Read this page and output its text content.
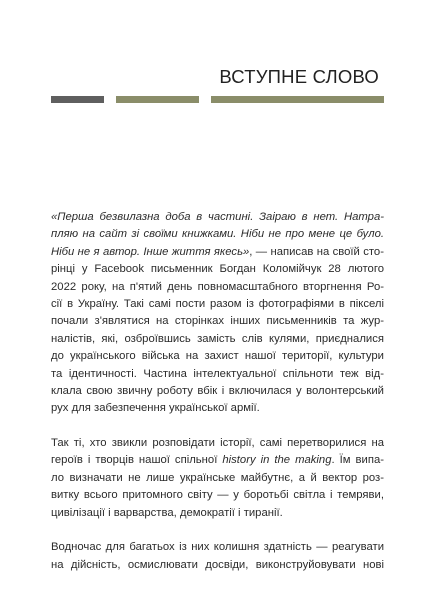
ВСТУПНЕ СЛОВО

«Перша безвилазна доба в частині. Заіраю в нет. Натра-
пляю на сайт зі своїми книжками. Ніби не про мене це було.
Ніби не я автор. Інше життя якесь», — написав на своїй сто-
рінці у Facebook письменник Богдан Коломійчук 28 лютого
2022 року, на п'ятий день повномасштабного вторгнення Ро-
сії в Україну. Такі самі пости разом із фотографіями в пікселі
почали з'являтися на сторінках інших письменників та жур-
налістів, які, озброївшись замість слів кулями, приєдналися
до українського війська на захист нашої території, культури
та ідентичності. Частина інтелектуальної спільноти теж від-
клала свою звичну роботу вбік і включилася у волонтерський
рух для забезпечення української армії.

Так ті, хто звикли розповідати історії, самі перетворилися на
героїв і творців нашої спільної history in the making. Їм випа-
ло визначати не лише українське майбутнє, а й вектор роз-
витку всього притомного світу — у боротьбі світла і темряви,
цивілізації і варварства, демократії і тиранії.

Водночас для багатьох із них колишня здатність — реагувати
на дійсність, осмислювати досвіди, виконструйовувати нові
